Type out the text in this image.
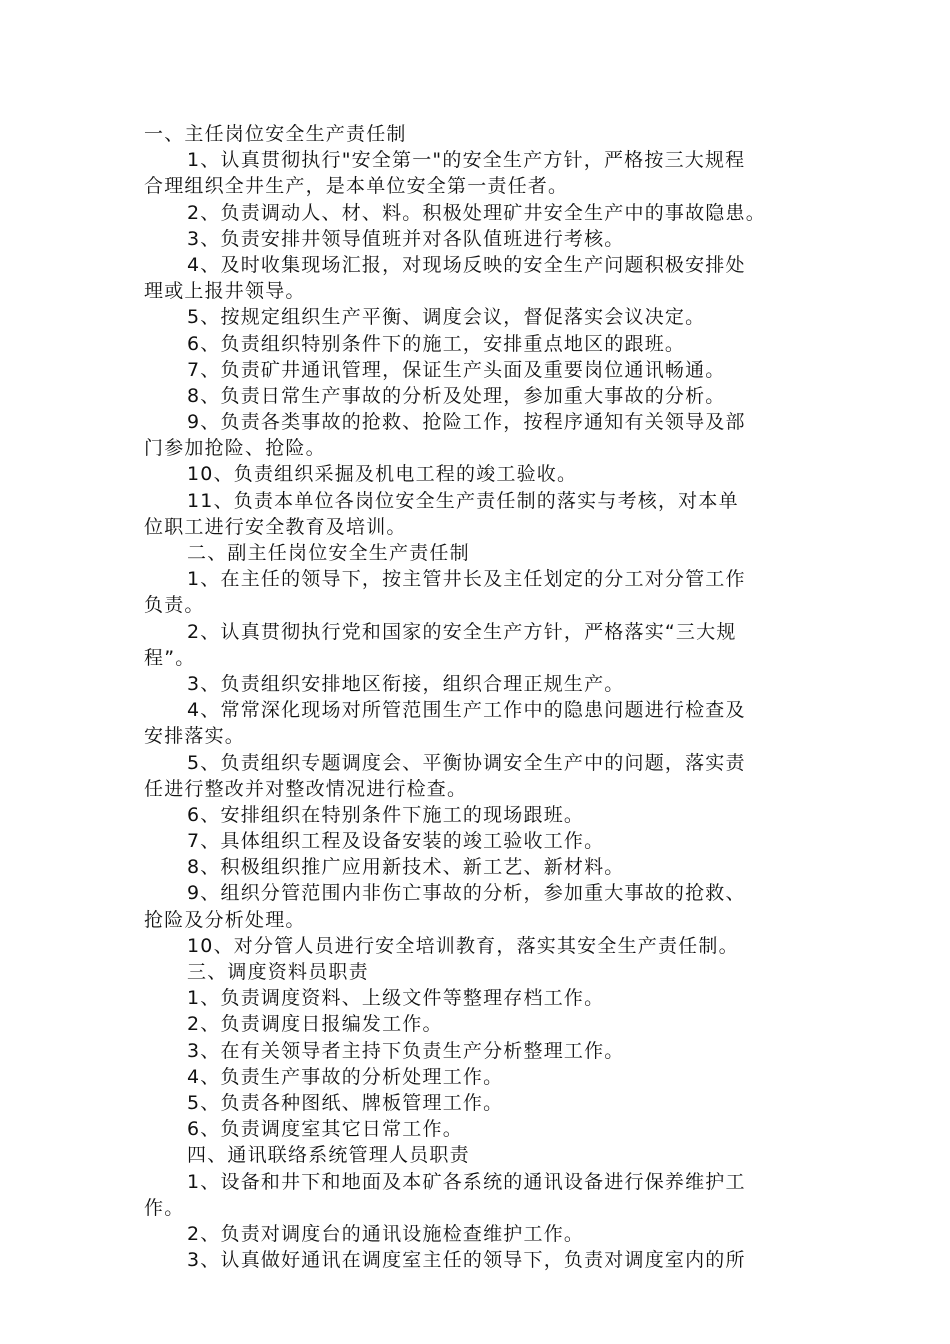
一、主任岗位安全生产责任制
1、认真贯彻执行"安全第一"的安全生产方针，严格按三大规程
合理组织全井生产，是本单位安全第一责任者。
2、负责调动人、材、料。积极处理矿井安全生产中的事故隐患。
3、负责安排井领导值班并对各队值班进行考核。
4、及时收集现场汇报，对现场反映的安全生产问题积极安排处
理或上报井领导。
5、按规定组织生产平衡、调度会议，督促落实会议决定。
6、负责组织特别条件下的施工，安排重点地区的跟班。
7、负责矿井通讯管理，保证生产头面及重要岗位通讯畅通。
8、负责日常生产事故的分析及处理，参加重大事故的分析。
9、负责各类事故的抢救、抢险工作，按程序通知有关领导及部
门参加抢险、抢险。
10、负责组织采掘及机电工程的竣工验收。
11、负责本单位各岗位安全生产责任制的落实与考核，对本单
位职工进行安全教育及培训。
二、副主任岗位安全生产责任制
1、在主任的领导下，按主管井长及主任划定的分工对分管工作
负责。
2、认真贯彻执行党和国家的安全生产方针，严格落实“三大规
程”。
3、负责组织安排地区衔接，组织合理正规生产。
4、常常深化现场对所管范围生产工作中的隐患问题进行检查及
安排落实。
5、负责组织专题调度会、平衡协调安全生产中的问题，落实责
任进行整改并对整改情况进行检查。
6、安排组织在特别条件下施工的现场跟班。
7、具体组织工程及设备安装的竣工验收工作。
8、积极组织推广应用新技术、新工艺、新材料。
9、组织分管范围内非伤亡事故的分析，参加重大事故的抢救、
抢险及分析处理。
10、对分管人员进行安全培训教育，落实其安全生产责任制。
三、调度资料员职责
1、负责调度资料、上级文件等整理存档工作。
2、负责调度日报编发工作。
3、在有关领导者主持下负责生产分析整理工作。
4、负责生产事故的分析处理工作。
5、负责各种图纸、牌板管理工作。
6、负责调度室其它日常工作。
四、通讯联络系统管理人员职责
1、设备和井下和地面及本矿各系统的通讯设备进行保养维护工
作。
2、负责对调度台的通讯设施检查维护工作。
3、认真做好通讯在调度室主任的领导下，负责对调度室内的所
